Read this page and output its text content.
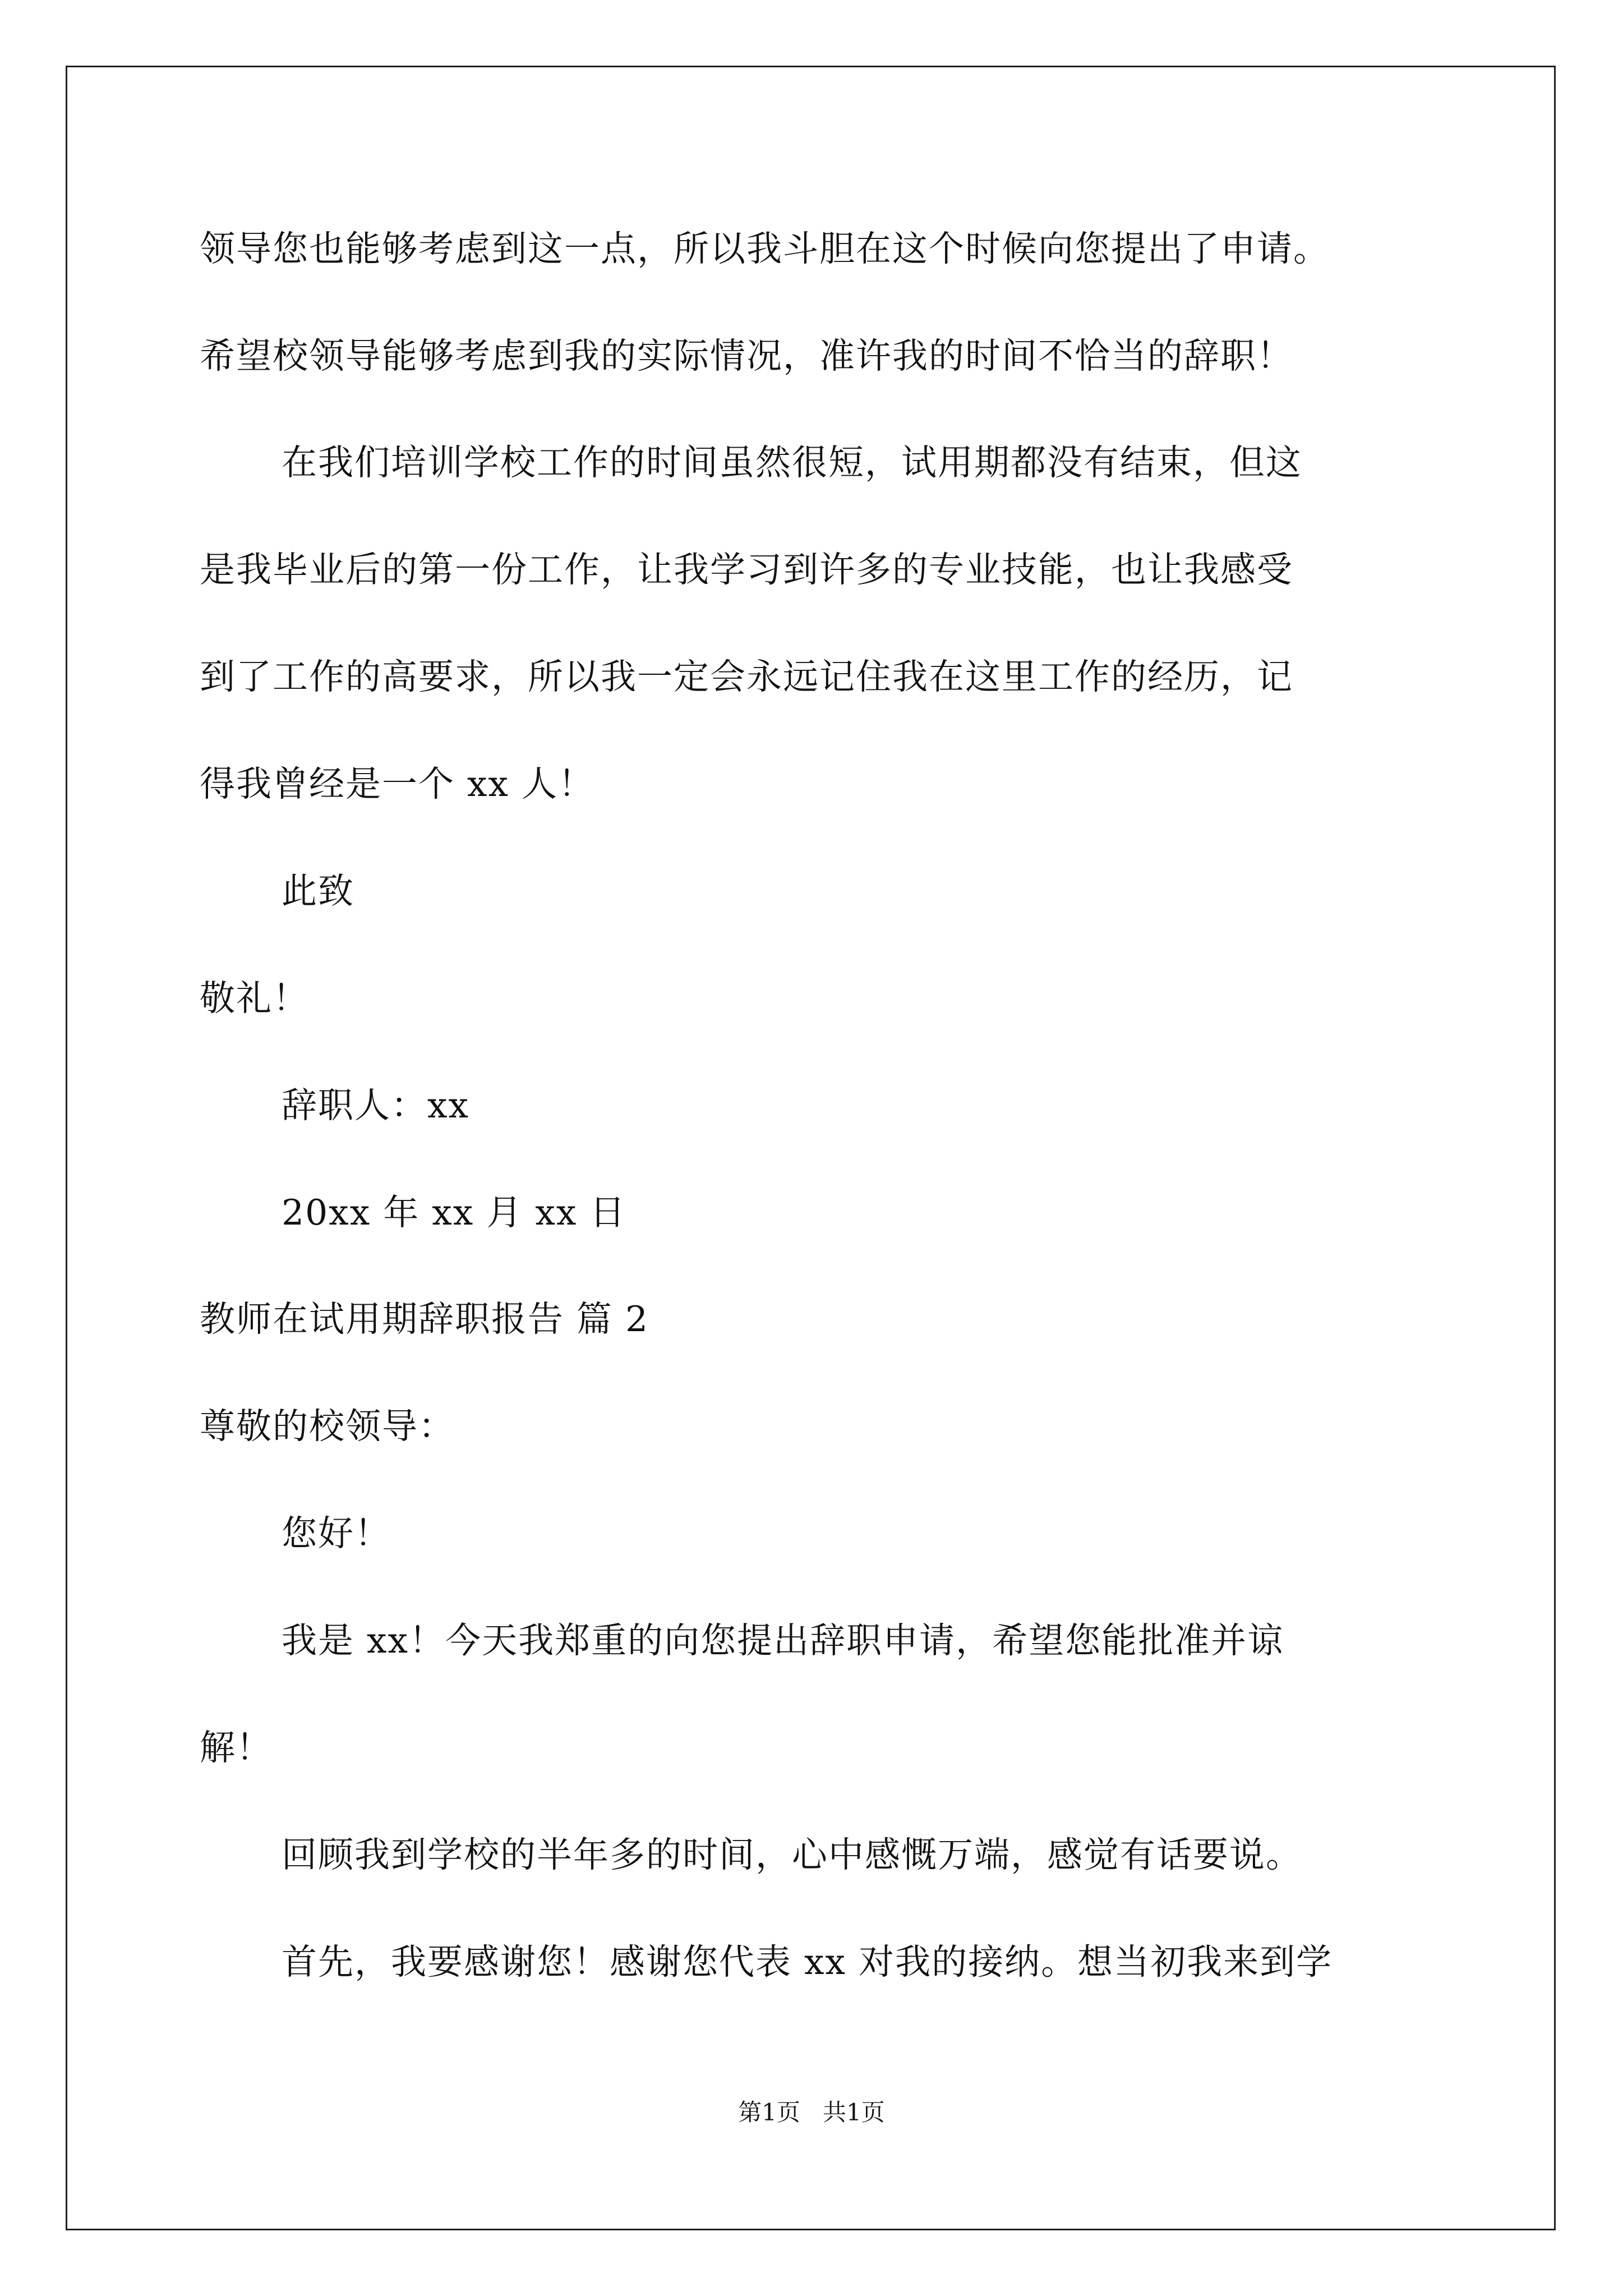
领导您也能够考虑到这一点，所以我斗胆在这个时候向您提出了申请。
希望校领导能够考虑到我的实际情况，准许我的时间不恰当的辞职！
在我们培训学校工作的时间虽然很短，试用期都没有结束，但这
是我毕业后的第一份工作，让我学习到许多的专业技能，也让我感受
到了工作的高要求，所以我一定会永远记住我在这里工作的经历，记
得我曾经是一个 xx 人！
此致
敬礼！
辞职人：xx
20xx 年 xx 月 xx 日
教师在试用期辞职报告 篇 2
尊敬的校领导：
您好！
我是 xx！今天我郑重的向您提出辞职申请，希望您能批准并谅
解！
回顾我到学校的半年多的时间，心中感慨万端，感觉有话要说。
首先，我要感谢您！感谢您代表 xx 对我的接纳。想当初我来到学
第1页   共1页
